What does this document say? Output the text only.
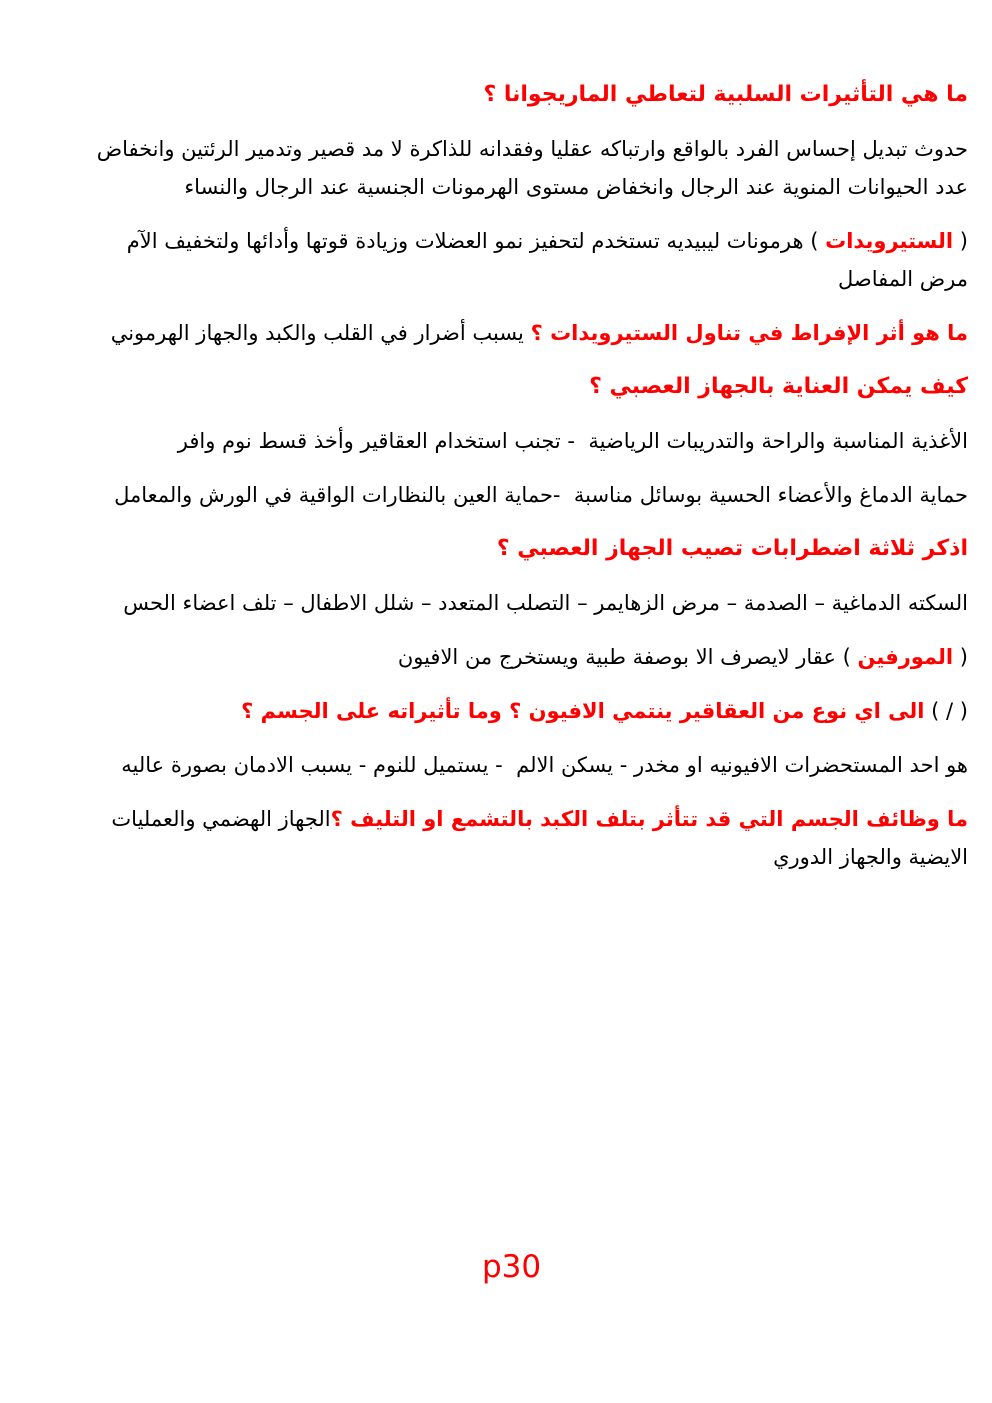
ما هي التأثيرات السلبية لتعاطي الماريجوانا ؟

حدوث تبديل إحساس الفرد بالواقع وارتباكه عقليا وفقدانه للذاكرة لا مد قصير وتدمير الرئتين وانخفاض
عدد الحيوانات المنوية عند الرجال وانخفاض مستوى الهرمونات الجنسية عند الرجال والنساء

( الستيرويدات ) هرمونات ليبيديه تستخدم لتحفيز نمو العضلات وزيادة قوتها وأدائها ولتخفيف الآم
مرض المفاصل

ما هو أثر الإفراط في تناول الستيرويدات ؟ يسبب أضرار في القلب والكبد والجهاز الهرموني

كيف يمكن العناية بالجهاز العصبي ؟

الأغذية المناسبة والراحة والتدريبات الرياضية  - تجنب استخدام العقاقير وأخذ قسط نوم وافر

حماية الدماغ والأعضاء الحسية بوسائل مناسبة  -حماية العين بالنظارات الواقية في الورش والمعامل

اذكر ثلاثة اضطرابات تصيب الجهاز العصبي ؟

السكته الدماغية – الصدمة – مرض الزهايمر – التصلب المتعدد – شلل الاطفال – تلف اعضاء الحس

( المورفين ) عقار لايصرف الا بوصفة طبية ويستخرج من الافيون

( / ) الى اي نوع من العقاقير ينتمي الافيون ؟ وما تأثيراته على الجسم ؟

هو احد المستحضرات الافيونيه او مخدر - يسكن الالم  - يستميل للنوم - يسبب الادمان بصورة عاليه

ما وظائف الجسم التي قد تتأثر بتلف الكبد بالتشمع او التليف ؟الجهاز الهضمي والعمليات
الايضية والجهاز الدوري

p30
